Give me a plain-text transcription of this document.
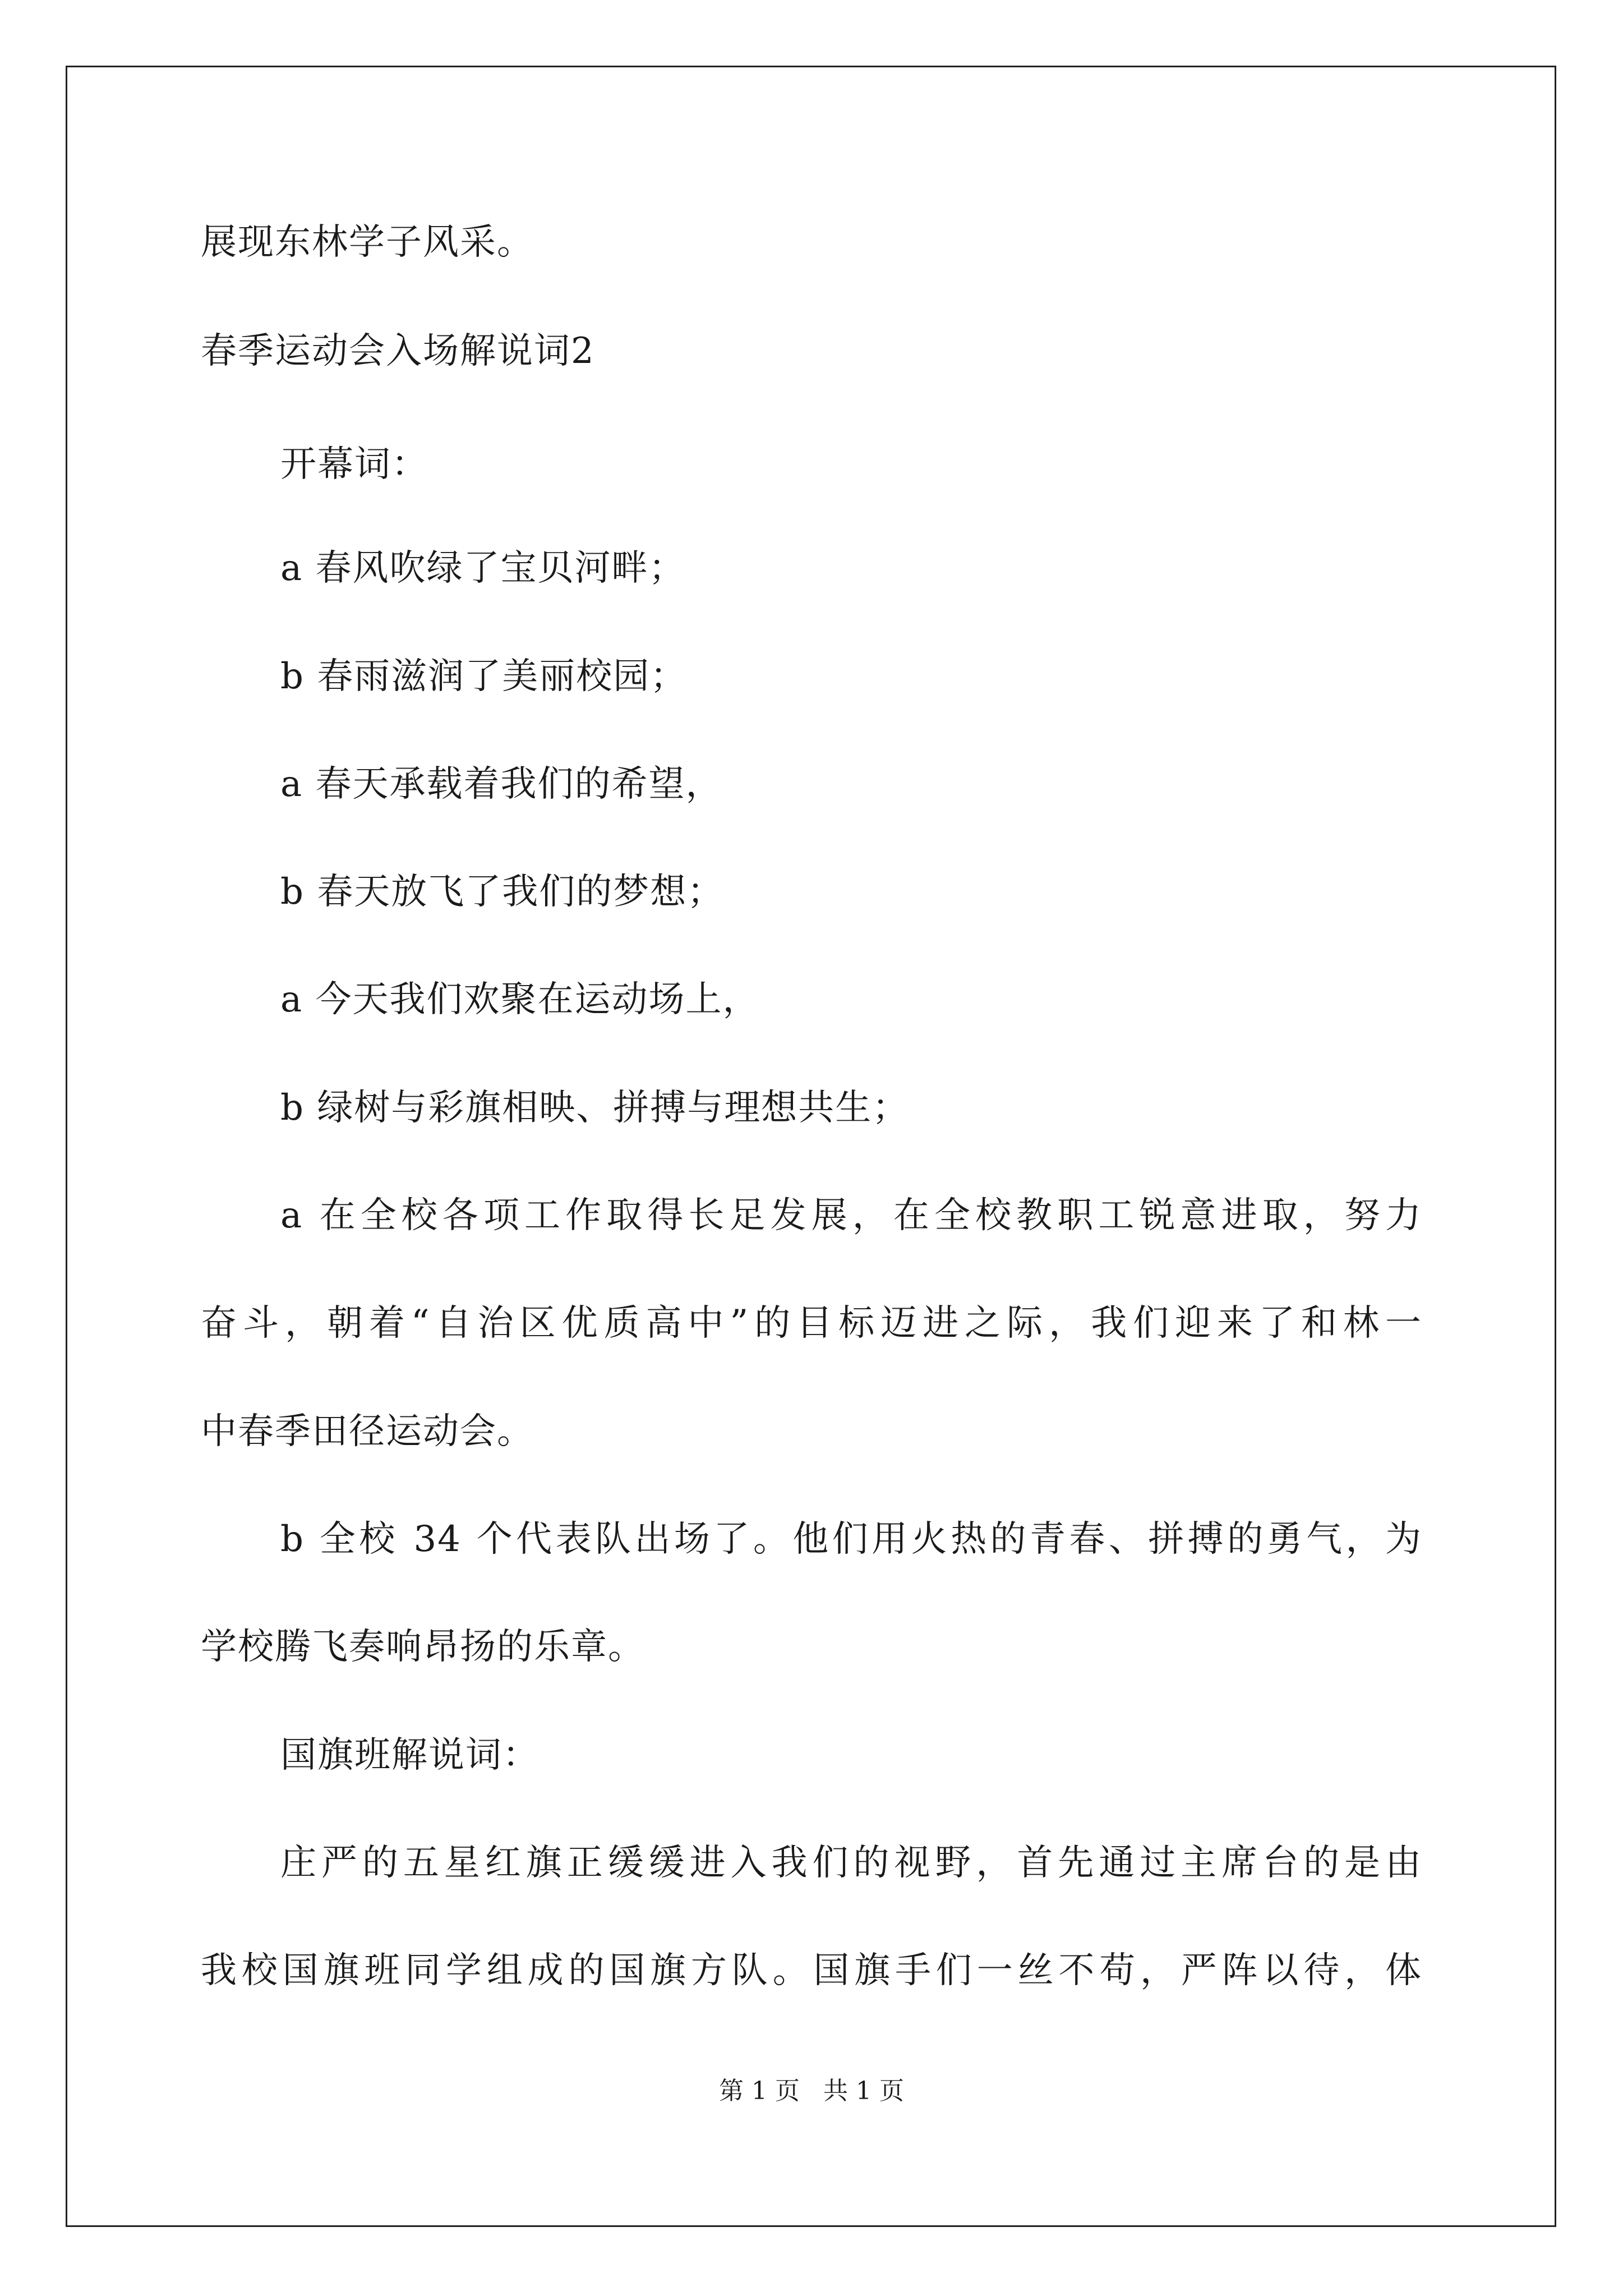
展现东林学子风采。
春季运动会入场解说词2
开幕词：
a 春风吹绿了宝贝河畔；
b 春雨滋润了美丽校园；
a 春天承载着我们的希望，
b 春天放飞了我们的梦想；
a 今天我们欢聚在运动场上，
b 绿树与彩旗相映、拼搏与理想共生；
a 在全校各项工作取得长足发展，在全校教职工锐意进取，努力
奋斗，朝着“自治区优质高中”的目标迈进之际，我们迎来了和林一
中春季田径运动会。
b 全校 34 个代表队出场了。他们用火热的青春、拼搏的勇气，为
学校腾飞奏响昂扬的乐章。
国旗班解说词：
庄严的五星红旗正缓缓进入我们的视野，首先通过主席台的是由
我校国旗班同学组成的国旗方队。国旗手们一丝不苟，严阵以待，体
第 1 页   共 1 页
